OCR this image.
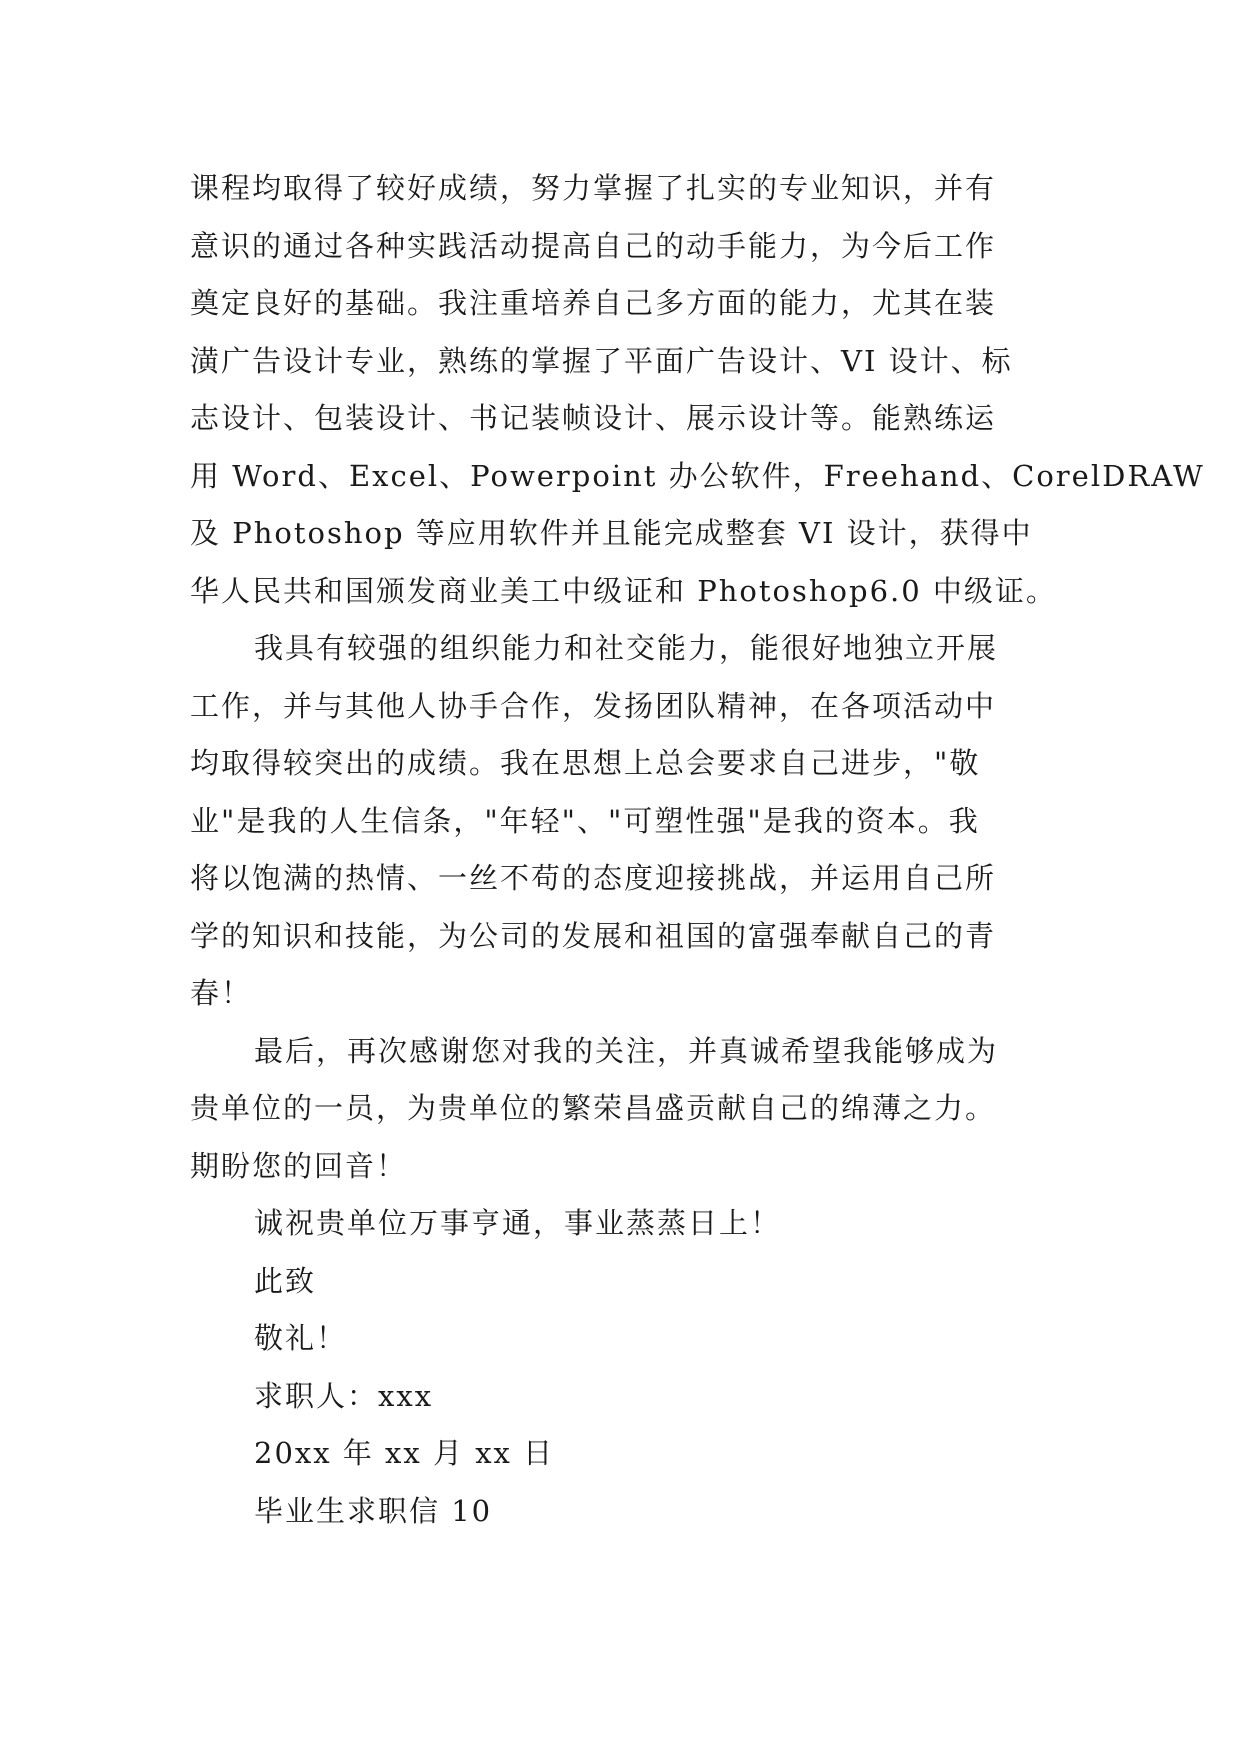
课程均取得了较好成绩，努力掌握了扎实的专业知识，并有
意识的通过各种实践活动提高自己的动手能力，为今后工作
奠定良好的基础。我注重培养自己多方面的能力，尤其在装
潢广告设计专业，熟练的掌握了平面广告设计、VI 设计、标
志设计、包装设计、书记装帧设计、展示设计等。能熟练运
用 Word、Excel、Powerpoint 办公软件，Freehand、CorelDRAW
及 Photoshop 等应用软件并且能完成整套 VI 设计，获得中
华人民共和国颁发商业美工中级证和 Photoshop6.0 中级证。
我具有较强的组织能力和社交能力，能很好地独立开展
工作，并与其他人协手合作，发扬团队精神，在各项活动中
均取得较突出的成绩。我在思想上总会要求自己进步，"敬
业"是我的人生信条，"年轻"、"可塑性强"是我的资本。我
将以饱满的热情、一丝不苟的态度迎接挑战，并运用自己所
学的知识和技能，为公司的发展和祖国的富强奉献自己的青
春！
最后，再次感谢您对我的关注，并真诚希望我能够成为
贵单位的一员，为贵单位的繁荣昌盛贡献自己的绵薄之力。
期盼您的回音！
诚祝贵单位万事亨通，事业蒸蒸日上！
此致
敬礼！
求职人：xxx
20xx 年 xx 月 xx 日
毕业生求职信 10
